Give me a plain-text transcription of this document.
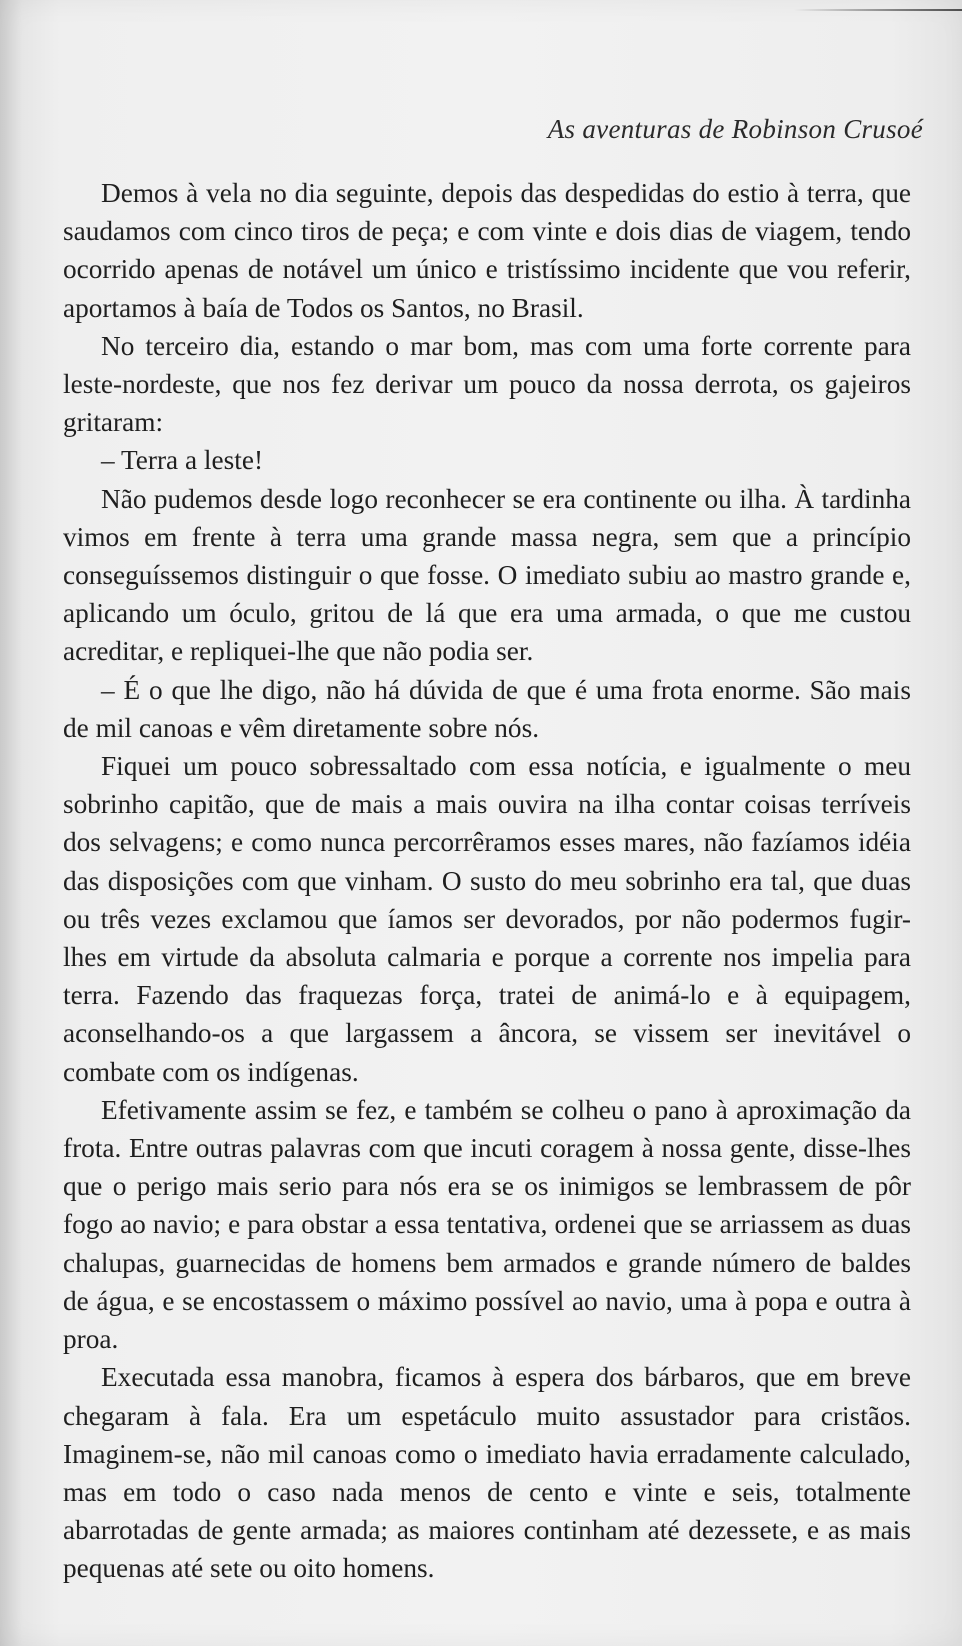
As aventuras de Robinson Crusoé

Demos à vela no dia seguinte, depois das despedidas do estio à terra, que saudamos com cinco tiros de peça; e com vinte e dois dias de viagem, tendo ocorrido apenas de notável um único e tristíssimo incidente que vou referir, aportamos à baía de Todos os Santos, no Brasil.

No terceiro dia, estando o mar bom, mas com uma forte corrente para leste-nordeste, que nos fez derivar um pouco da nossa derrota, os gajeiros gritaram:

– Terra a leste!

Não pudemos desde logo reconhecer se era continente ou ilha. À tardinha vimos em frente à terra uma grande massa negra, sem que a princípio conseguíssemos distinguir o que fosse. O imediato subiu ao mastro grande e, aplicando um óculo, gritou de lá que era uma armada, o que me custou acreditar, e repliquei-lhe que não podia ser.

– É o que lhe digo, não há dúvida de que é uma frota enorme. São mais de mil canoas e vêm diretamente sobre nós.

Fiquei um pouco sobressaltado com essa notícia, e igualmente o meu sobrinho capitão, que de mais a mais ouvira na ilha contar coisas terríveis dos selvagens; e como nunca percorrêramos esses mares, não fazíamos idéia das disposições com que vinham. O susto do meu sobrinho era tal, que duas ou três vezes exclamou que íamos ser devorados, por não podermos fugir-lhes em virtude da absoluta calmaria e porque a corrente nos impelia para terra. Fazendo das fraquezas força, tratei de animá-lo e à equipagem, aconselhando-os a que largassem a âncora, se vissem ser inevitável o combate com os indígenas.

Efetivamente assim se fez, e também se colheu o pano à aproximação da frota. Entre outras palavras com que incuti coragem à nossa gente, disse-lhes que o perigo mais serio para nós era se os inimigos se lembrassem de pôr fogo ao navio; e para obstar a essa tentativa, ordenei que se arriassem as duas chalupas, guarnecidas de homens bem armados e grande número de baldes de água, e se encostassem o máximo possível ao navio, uma à popa e outra à proa.

Executada essa manobra, ficamos à espera dos bárbaros, que em breve chegaram à fala. Era um espetáculo muito assustador para cristãos. Imaginem-se, não mil canoas como o imediato havia erradamente calculado, mas em todo o caso nada menos de cento e vinte e seis, totalmente abarrotadas de gente armada; as maiores continham até dezessete, e as mais pequenas até sete ou oito homens.
